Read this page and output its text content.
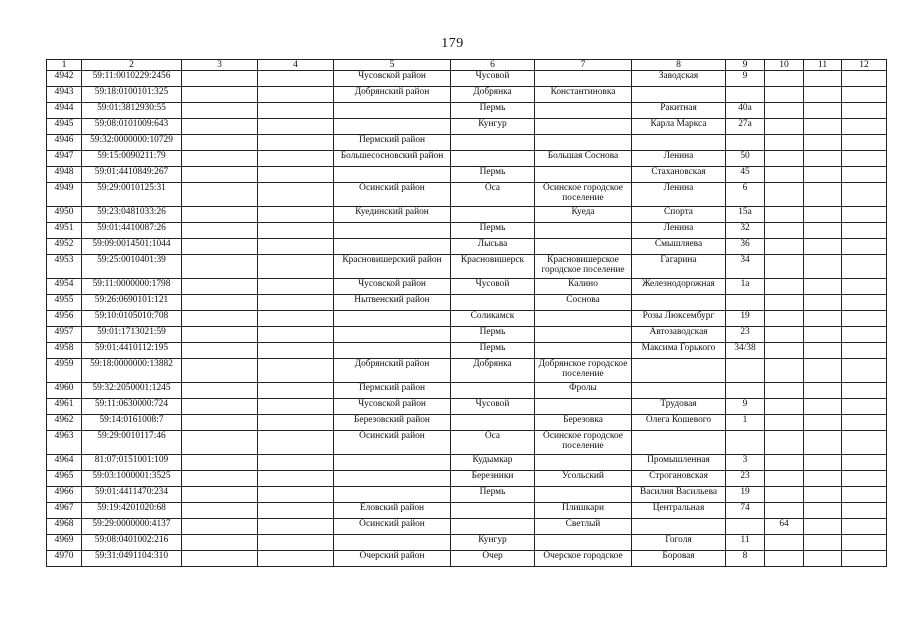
179
1	2	3	4	5	6	7	8	9	10	11	12
4942	59:11:0010229:2456			Чусовской район	Чусовой		Заводская	9			
4943	59:18:0100101:325			Добрянский район	Добрянка	Константиновка					
4944	59:01:3812930:55				Пермь		Ракитная	40а			
4945	59:08:0101009:643				Кунгур		Карла Маркса	27а			
4946	59:32:0000000:10729			Пермский район							
4947	59:15:0090211:79			Большесосновский район		Большая Соснова	Ленина	50			
4948	59:01:4410849:267				Пермь		Стахановская	45			
4949	59:29:0010125:31			Осинский район	Оса	Осинское городское поселение	Ленина	6			
4950	59:23:0481033:26			Куединский район		Куеда	Спорта	15а			
4951	59:01:4410087:26				Пермь		Ленина	32			
4952	59:09:0014501:1044				Лысьва		Смышляева	36			
4953	59:25:0010401:39			Красновишерский район	Красновишерск	Красновишерское городское поселение	Гагарина	34			
4954	59:11:0000000:1798			Чусовской район	Чусовой	Калино	Железнодорожная	1а			
4955	59:26:0690101:121			Нытвенский район		Соснова					
4956	59:10:0105010:708				Соликамск		Розы Люксембург	19			
4957	59:01:1713021:59				Пермь		Автозаводская	23			
4958	59:01:4410112:195				Пермь		Максима Горького	34/38			
4959	59:18:0000000:13882			Добрянский район	Добрянка	Добрянское городское поселение					
4960	59:32:2050001:1245			Пермский район		Фролы					
4961	59:11:0630000:724			Чусовской район	Чусовой		Трудовая	9			
4962	59:14:0161008:7			Березовский район		Березовка	Олега Кошевого	1			
4963	59:29:0010117:46			Осинский район	Оса	Осинское городское поселение					
4964	81:07:0151001:109				Кудымкар		Промышленная	3			
4965	59:03:1000001:3525				Березники	Усольский	Строгановская	23			
4966	59:01:4411470:234				Пермь		Василия Васильева	19			
4967	59:19:4201020:68			Еловский район		Плишкари	Центральная	74			
4968	59:29:0000000:4137			Осинский район		Светлый			64		
4969	59:08:0401002:216				Кунгур		Гоголя	11			
4970	59:31:0491104:310			Очерский район	Очер	Очерское городское	Боровая	8			
